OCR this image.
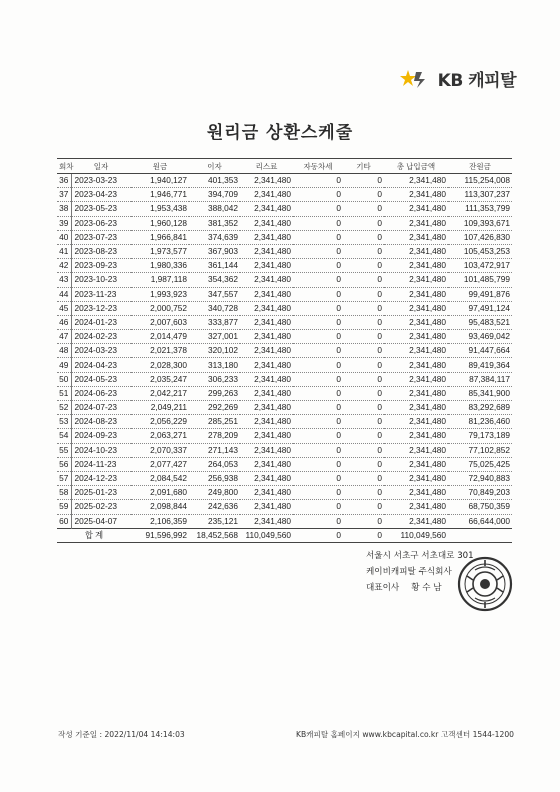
KB 캐피탈
원리금 상환스케줄
회차	일자	원금	이자	리스료	자동차세	기타	총 납입금액	잔원금
36	2023-03-23	1,940,127	401,353	2,341,480	0	0	2,341,480	115,254,008
37	2023-04-23	1,946,771	394,709	2,341,480	0	0	2,341,480	113,307,237
38	2023-05-23	1,953,438	388,042	2,341,480	0	0	2,341,480	111,353,799
39	2023-06-23	1,960,128	381,352	2,341,480	0	0	2,341,480	109,393,671
40	2023-07-23	1,966,841	374,639	2,341,480	0	0	2,341,480	107,426,830
41	2023-08-23	1,973,577	367,903	2,341,480	0	0	2,341,480	105,453,253
42	2023-09-23	1,980,336	361,144	2,341,480	0	0	2,341,480	103,472,917
43	2023-10-23	1,987,118	354,362	2,341,480	0	0	2,341,480	101,485,799
44	2023-11-23	1,993,923	347,557	2,341,480	0	0	2,341,480	99,491,876
45	2023-12-23	2,000,752	340,728	2,341,480	0	0	2,341,480	97,491,124
46	2024-01-23	2,007,603	333,877	2,341,480	0	0	2,341,480	95,483,521
47	2024-02-23	2,014,479	327,001	2,341,480	0	0	2,341,480	93,469,042
48	2024-03-23	2,021,378	320,102	2,341,480	0	0	2,341,480	91,447,664
49	2024-04-23	2,028,300	313,180	2,341,480	0	0	2,341,480	89,419,364
50	2024-05-23	2,035,247	306,233	2,341,480	0	0	2,341,480	87,384,117
51	2024-06-23	2,042,217	299,263	2,341,480	0	0	2,341,480	85,341,900
52	2024-07-23	2,049,211	292,269	2,341,480	0	0	2,341,480	83,292,689
53	2024-08-23	2,056,229	285,251	2,341,480	0	0	2,341,480	81,236,460
54	2024-09-23	2,063,271	278,209	2,341,480	0	0	2,341,480	79,173,189
55	2024-10-23	2,070,337	271,143	2,341,480	0	0	2,341,480	77,102,852
56	2024-11-23	2,077,427	264,053	2,341,480	0	0	2,341,480	75,025,425
57	2024-12-23	2,084,542	256,938	2,341,480	0	0	2,341,480	72,940,883
58	2025-01-23	2,091,680	249,800	2,341,480	0	0	2,341,480	70,849,203
59	2025-02-23	2,098,844	242,636	2,341,480	0	0	2,341,480	68,750,359
60	2025-04-07	2,106,359	235,121	2,341,480	0	0	2,341,480	66,644,000
합 계		91,596,992	18,452,568	110,049,560	0	0	110,049,560	
서울시 서초구 서초대로 301
케이비캐피탈 주식회사
대표이사 황 수 남
작성 기준일 : 2022/11/04 14:14:03	KB캐피탈 홈페이지 www.kbcapital.co.kr 고객센터 1544-1200
